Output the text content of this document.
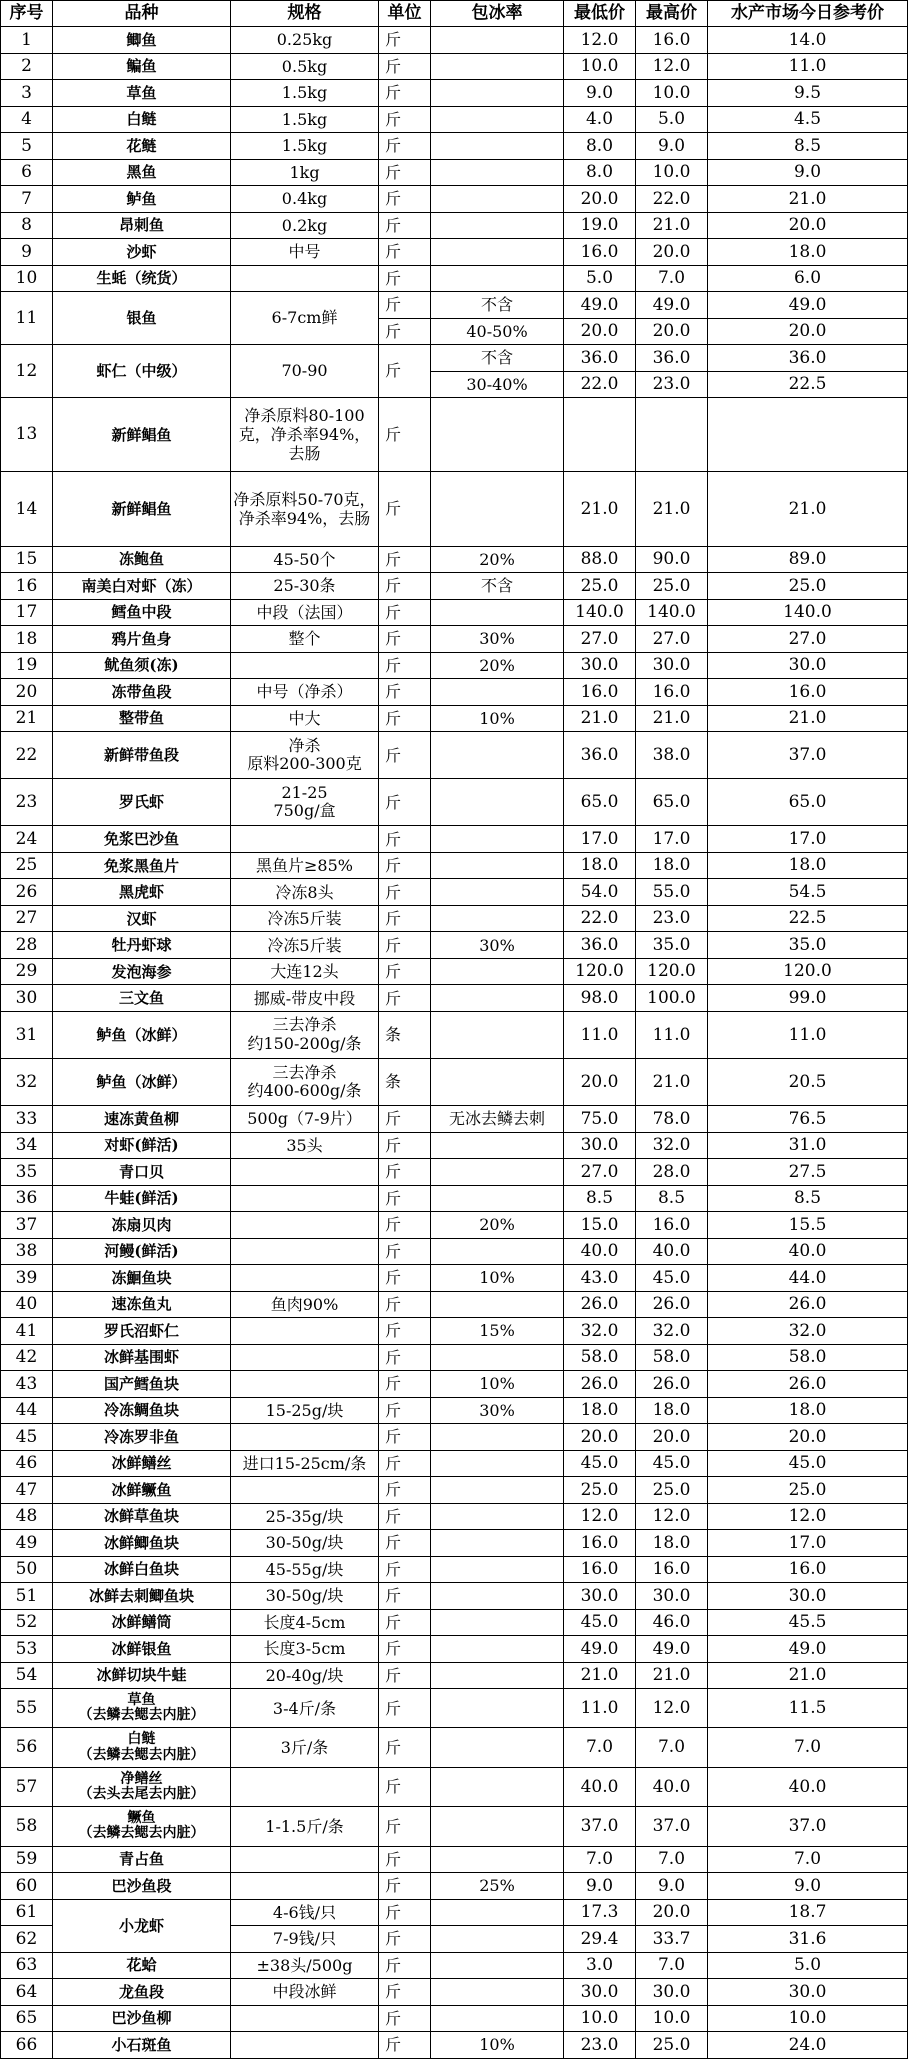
序号	品种	规格	单位	包冰率	最低价	最高价	水产市场今日参考价
1	鲫鱼	0.25kg	斤		12.0	16.0	14.0
2	鳊鱼	0.5kg	斤		10.0	12.0	11.0
3	草鱼	1.5kg	斤		9.0	10.0	9.5
4	白鲢	1.5kg	斤		4.0	5.0	4.5
5	花鲢	1.5kg	斤		8.0	9.0	8.5
6	黑鱼	1kg	斤		8.0	10.0	9.0
7	鲈鱼	0.4kg	斤		20.0	22.0	21.0
8	昂刺鱼	0.2kg	斤		19.0	21.0	20.0
9	沙虾	中号	斤		16.0	20.0	18.0
10	生蚝（统货）		斤		5.0	7.0	6.0
11	银鱼	6-7cm鲜	斤	不含	49.0	49.0	49.0
			斤	40-50%	20.0	20.0	20.0
12	虾仁（中级）	70-90	斤	不含	36.0	36.0	36.0
				30-40%	22.0	23.0	22.5
13	新鲜鲳鱼	净杀原料80-100克，净杀率94%，去肠	斤				
14	新鲜鲳鱼	净杀原料50-70克，净杀率94%，去肠	斤		21.0	21.0	21.0
15	冻鲍鱼	45-50个	斤	20%	88.0	90.0	89.0
16	南美白对虾（冻）	25-30条	斤	不含	25.0	25.0	25.0
17	鳕鱼中段	中段（法国）	斤		140.0	140.0	140.0
18	鸦片鱼身	整个	斤	30%	27.0	27.0	27.0
19	鱿鱼须(冻)		斤	20%	30.0	30.0	30.0
20	冻带鱼段	中号（净杀）	斤		16.0	16.0	16.0
21	整带鱼	中大	斤	10%	21.0	21.0	21.0
22	新鲜带鱼段	净杀
原料200-300克	斤		36.0	38.0	37.0
23	罗氏虾	21-25
750g/盒	斤		65.0	65.0	65.0
24	免浆巴沙鱼		斤		17.0	17.0	17.0
25	免浆黑鱼片	黑鱼片≥85%	斤		18.0	18.0	18.0
26	黑虎虾	冷冻8头	斤		54.0	55.0	54.5
27	汉虾	冷冻5斤装	斤		22.0	23.0	22.5
28	牡丹虾球	冷冻5斤装	斤	30%	36.0	35.0	35.0
29	发泡海参	大连12头	斤		120.0	120.0	120.0
30	三文鱼	挪威-带皮中段	斤		98.0	100.0	99.0
31	鲈鱼（冰鲜）	三去净杀
约150-200g/条	条		11.0	11.0	11.0
32	鲈鱼（冰鲜）	三去净杀
约400-600g/条	条		20.0	21.0	20.5
33	速冻黄鱼柳	500g（7-9片）	斤	无冰去鳞去刺	75.0	78.0	76.5
34	对虾(鲜活)	35头	斤		30.0	32.0	31.0
35	青口贝		斤		27.0	28.0	27.5
36	牛蛙(鲜活)		斤		8.5	8.5	8.5
37	冻扇贝肉		斤	20%	15.0	16.0	15.5
38	河鳗(鲜活)		斤		40.0	40.0	40.0
39	冻鮰鱼块		斤	10%	43.0	45.0	44.0
40	速冻鱼丸	鱼肉90%	斤		26.0	26.0	26.0
41	罗氏沼虾仁		斤	15%	32.0	32.0	32.0
42	冰鲜基围虾		斤		58.0	58.0	58.0
43	国产鳕鱼块		斤	10%	26.0	26.0	26.0
44	冷冻鲷鱼块	15-25g/块	斤	30%	18.0	18.0	18.0
45	冷冻罗非鱼		斤		20.0	20.0	20.0
46	冰鲜鳝丝	进口15-25cm/条	斤		45.0	45.0	45.0
47	冰鲜鳜鱼		斤		25.0	25.0	25.0
48	冰鲜草鱼块	25-35g/块	斤		12.0	12.0	12.0
49	冰鲜鲫鱼块	30-50g/块	斤		16.0	18.0	17.0
50	冰鲜白鱼块	45-55g/块	斤		16.0	16.0	16.0
51	冰鲜去刺鲫鱼块	30-50g/块	斤		30.0	30.0	30.0
52	冰鲜鳝筒	长度4-5cm	斤		45.0	46.0	45.5
53	冰鲜银鱼	长度3-5cm	斤		49.0	49.0	49.0
54	冰鲜切块牛蛙	20-40g/块	斤		21.0	21.0	21.0
55	草鱼
（去鳞去鳃去内脏）	3-4斤/条	斤		11.0	12.0	11.5
56	白鲢
（去鳞去鳃去内脏）	3斤/条	斤		7.0	7.0	7.0
57	净鳝丝
（去头去尾去内脏）		斤		40.0	40.0	40.0
58	鳜鱼
（去鳞去鳃去内脏）	1-1.5斤/条	斤		37.0	37.0	37.0
59	青占鱼		斤		7.0	7.0	7.0
60	巴沙鱼段		斤	25%	9.0	9.0	9.0
61	小龙虾	4-6钱/只	斤		17.3	20.0	18.7
62		7-9钱/只	斤		29.4	33.7	31.6
63	花蛤	±38头/500g	斤		3.0	7.0	5.0
64	龙鱼段	中段冰鲜	斤		30.0	30.0	30.0
65	巴沙鱼柳		斤		10.0	10.0	10.0
66	小石斑鱼		斤	10%	23.0	25.0	24.0
